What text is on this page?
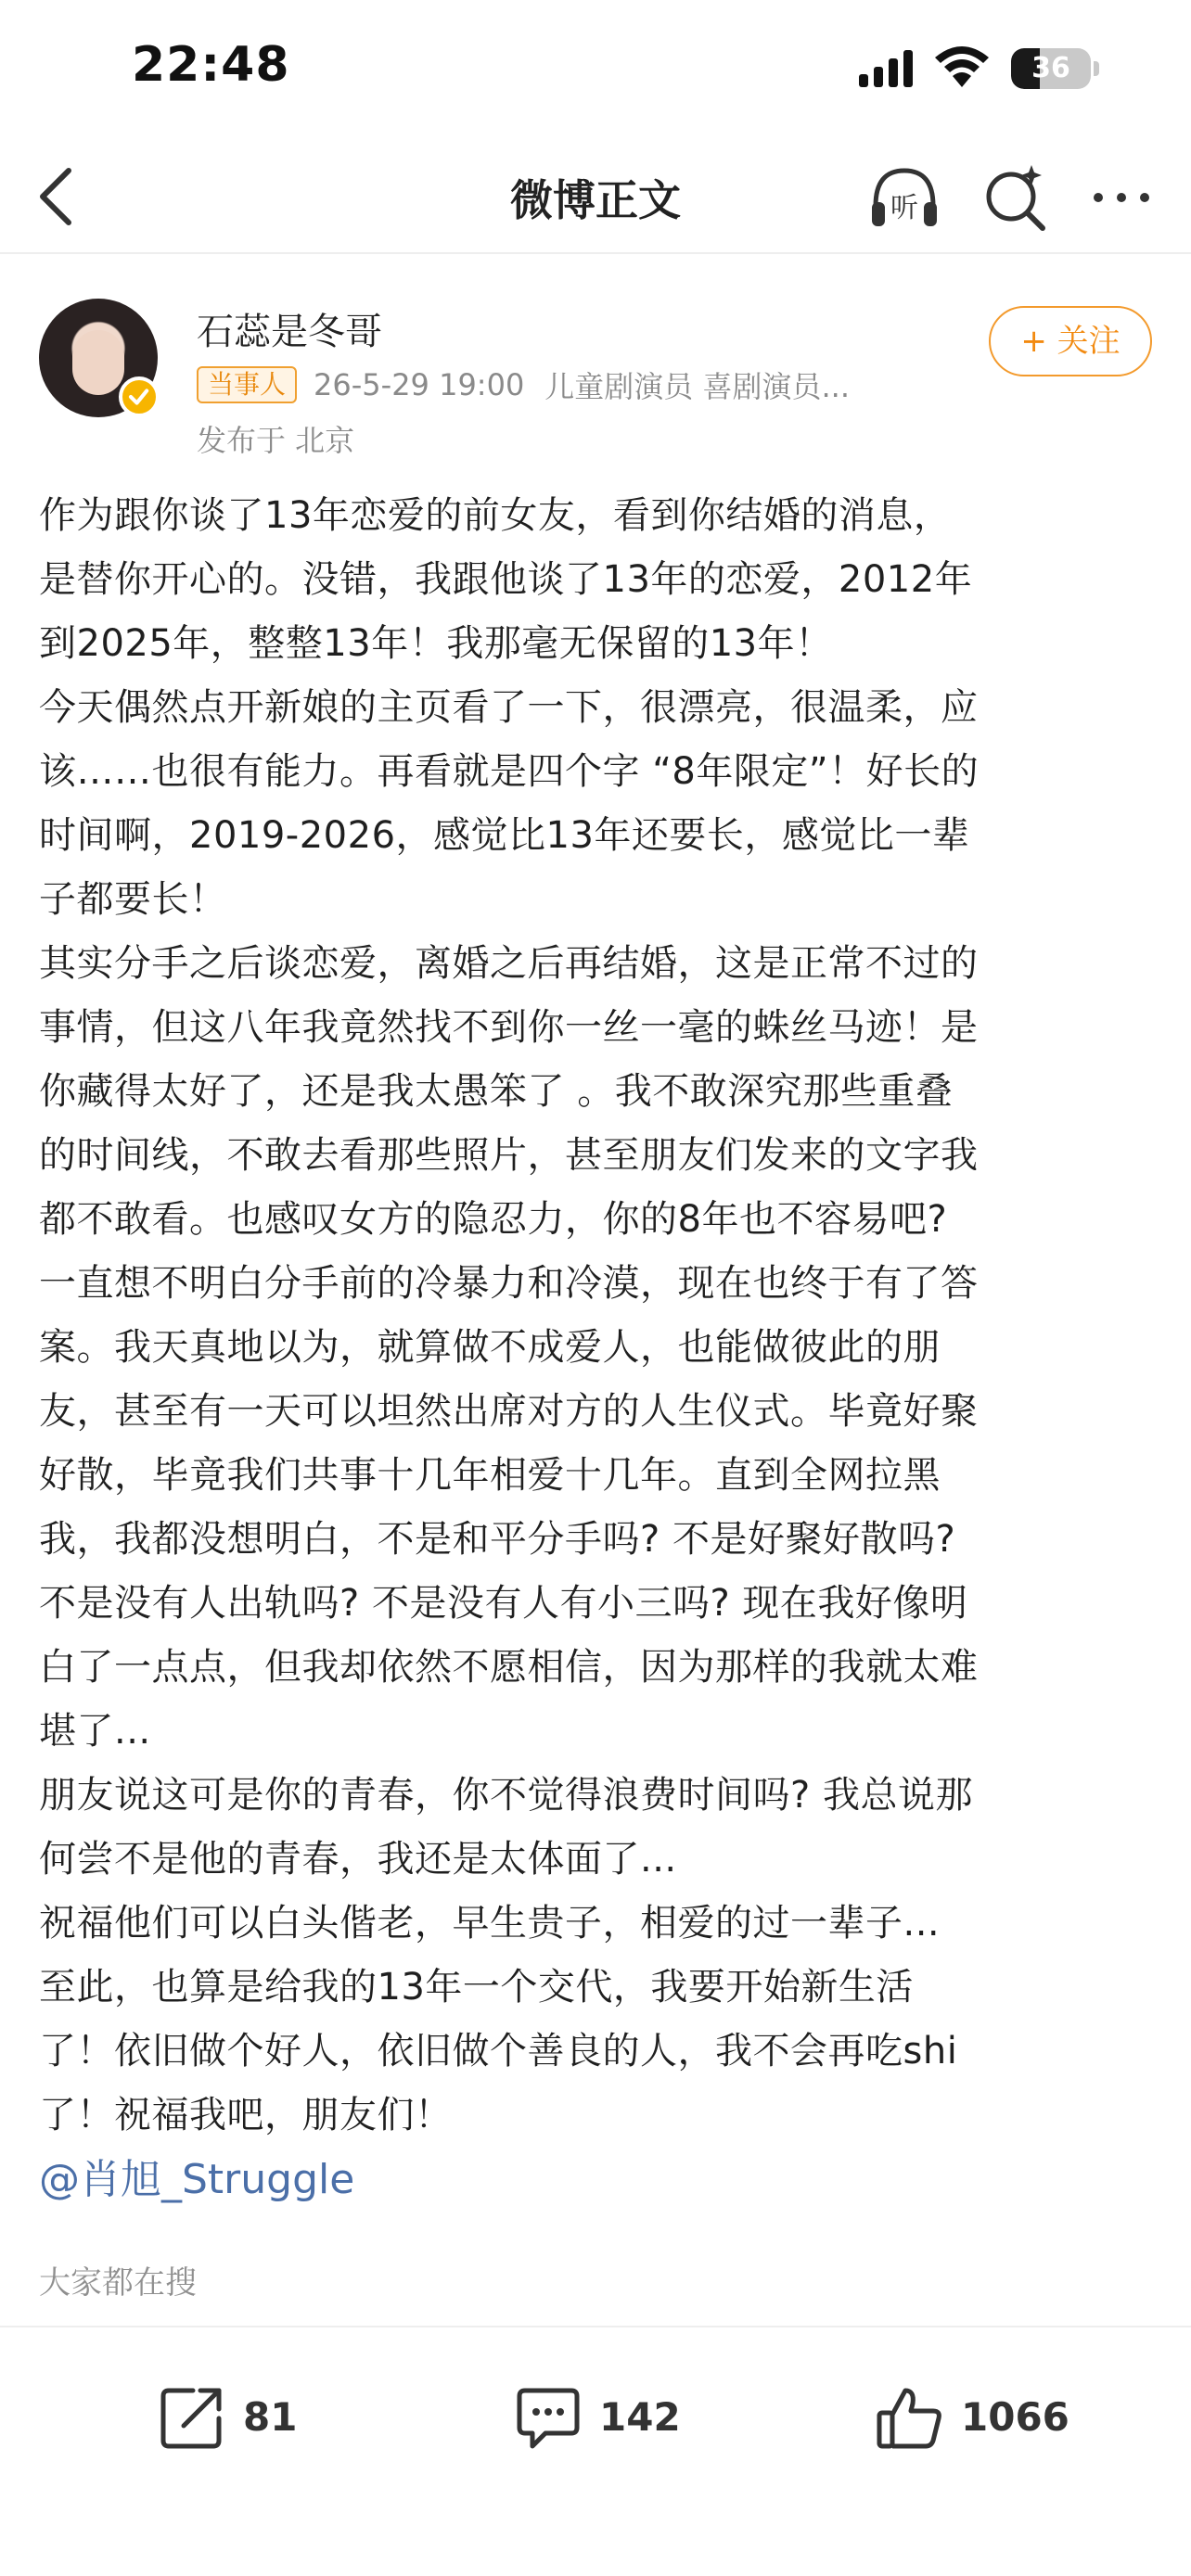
22:48	36
微博正文	听
石蕊是冬哥
当事人 26-5-29 19:00 儿童剧演员 喜剧演员...
发布于 北京
+ 关注
作为跟你谈了13年恋爱的前女友，看到你结婚的消息，
是替你开心的。没错，我跟他谈了13年的恋爱，2012年
到2025年，整整13年！我那毫无保留的13年！
今天偶然点开新娘的主页看了一下，很漂亮，很温柔，应
该……也很有能力。再看就是四个字 “8年限定”！好长的
时间啊，2019-2026，感觉比13年还要长，感觉比一辈
子都要长！
其实分手之后谈恋爱，离婚之后再结婚，这是正常不过的
事情，但这八年我竟然找不到你一丝一毫的蛛丝马迹！是
你藏得太好了，还是我太愚笨了 。我不敢深究那些重叠
的时间线，不敢去看那些照片，甚至朋友们发来的文字我
都不敢看。也感叹女方的隐忍力，你的8年也不容易吧?
一直想不明白分手前的冷暴力和冷漠，现在也终于有了答
案。我天真地以为，就算做不成爱人，也能做彼此的朋
友，甚至有一天可以坦然出席对方的人生仪式。毕竟好聚
好散，毕竟我们共事十几年相爱十几年。直到全网拉黑
我，我都没想明白，不是和平分手吗? 不是好聚好散吗?
不是没有人出轨吗? 不是没有人有小三吗? 现在我好像明
白了一点点，但我却依然不愿相信，因为那样的我就太难
堪了...
朋友说这可是你的青春，你不觉得浪费时间吗? 我总说那
何尝不是他的青春，我还是太体面了...
祝福他们可以白头偕老，早生贵子，相爱的过一辈子...
至此，也算是给我的13年一个交代，我要开始新生活
了！依旧做个好人，依旧做个善良的人，我不会再吃shi
了！祝福我吧，朋友们！
@肖旭_Struggle
大家都在搜
81	142	1066
